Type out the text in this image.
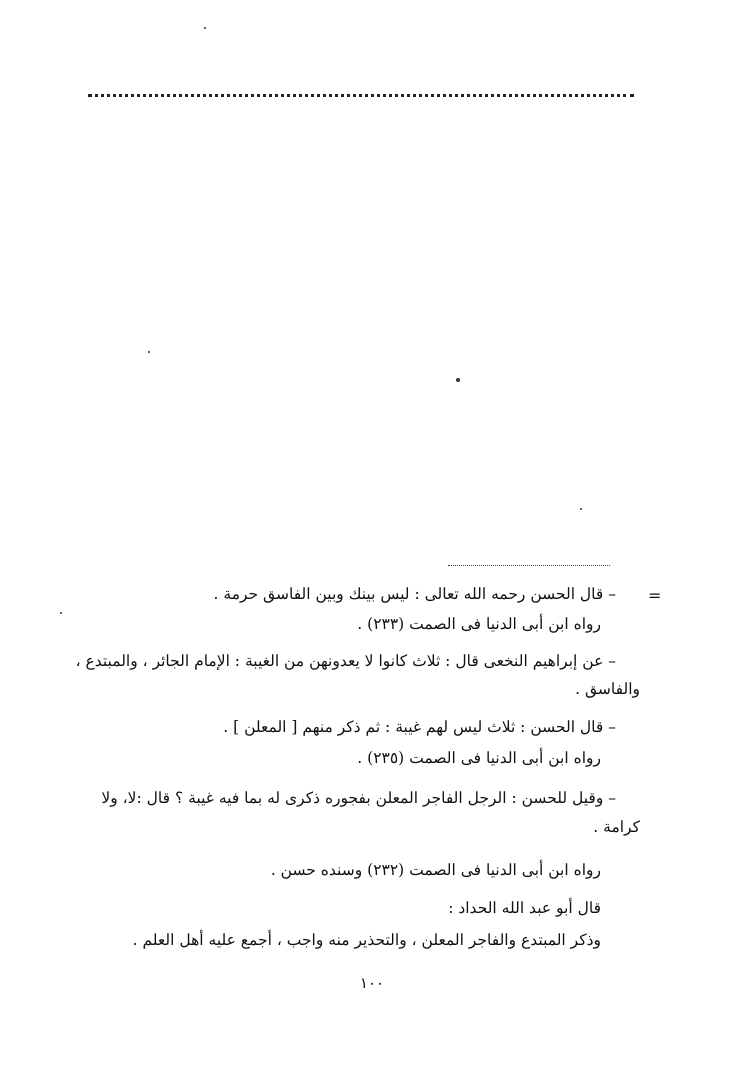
=
– قال الحسن رحمه الله تعالى : ليس بينك وبين الفاسق حرمة .
رواه ابن أبى الدنيا فى الصمت (٢٣٣) .
– عن إبراهيم النخعى قال : ثلاث كانوا لا يعدونهن من الغيبة : الإمام الجائر ، والمبتدع ،
والفاسق .
– قال الحسن : ثلاث ليس لهم غيبة : ثم ذكر منهم [ المعلن ] .
رواه ابن أبى الدنيا فى الصمت (٢٣٥) .
– وقيل للحسن : الرجل الفاجر المعلن بفجوره ذكرى له بما فيه غيبة ؟ قال :لا، ولا
كرامة .
رواه ابن أبى الدنيا فى الصمت (٢٣٢) وسنده حسن .
قال أبو عبد الله الحداد :
وذكر المبتدع والفاجر المعلن ، والتحذير منه واجب ، أجمع عليه أهل العلم .
١٠٠
